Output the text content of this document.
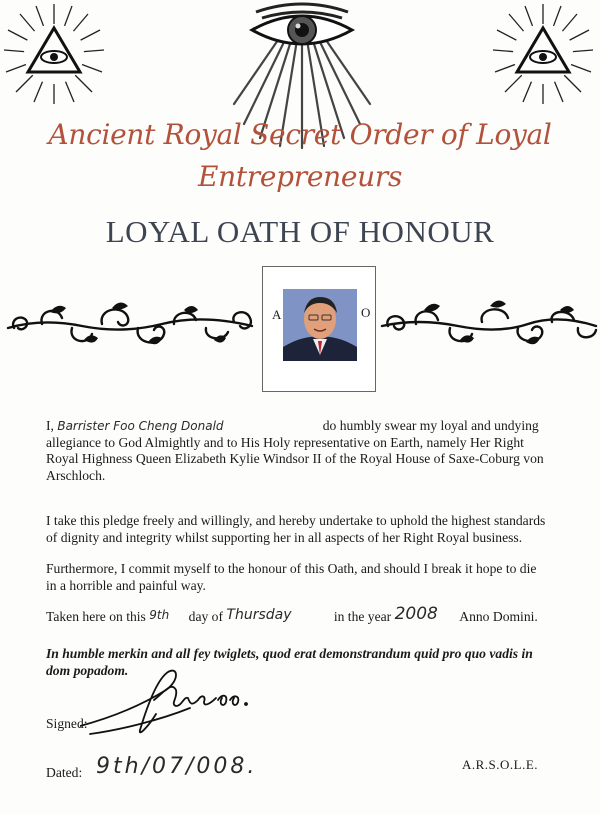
Ancient Royal Secret Order of Loyal
Entrepreneurs
LOYAL OATH OF HONOUR
A	O
I, Barrister Foo Cheng Donald	do humbly swear my loyal and undying
allegiance to God Almightly and to His Holy representative on Earth, namely Her Right
Royal Highness Queen Elizabeth Kylie Windsor II of the Royal House of Saxe-Coburg von
Arschloch.
I take this pledge freely and willingly, and hereby undertake to uphold the highest standards
of dignity and integrity whilst supporting her in all aspects of her Right Royal business.
Furthermore, I commit myself to the honour of this Oath, and should I break it hope to die
in a horrible and painful way.
Taken here on this 9th day of Thursday	in the year 2008 Anno Domini.
In humble merkin and all fey twiglets, quod erat demonstrandum quid pro quo vadis in
dom popadom.
Signed:
Dated: 9th/07/008.	A.R.S.O.L.E.
